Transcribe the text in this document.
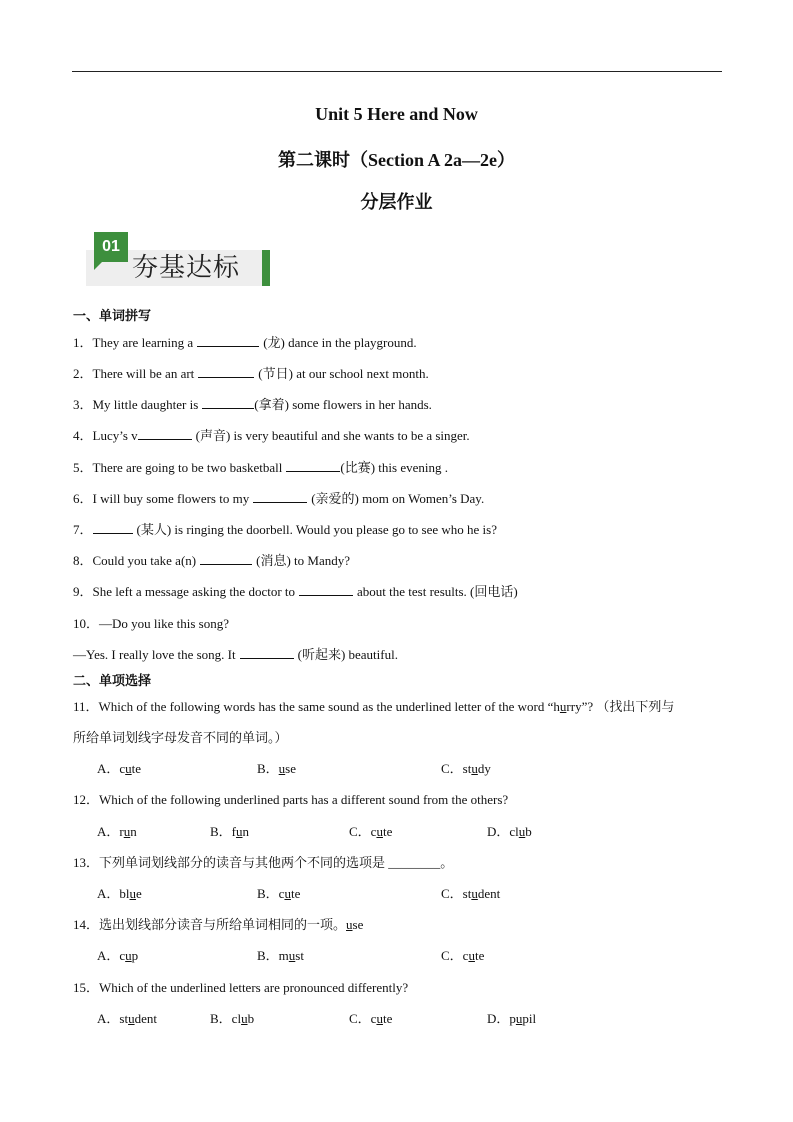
Unit 5 Here and Now
第二课时（Section A 2a—2e）
分层作业
01
夯基达标
一、单词拼写
1．They are learning a	(龙) dance in the playground.
2．There will be an art	(节日) at our school next month.
3．My little daughter is	(拿着) some flowers in her hands.
4．Lucy’s v	(声音) is very beautiful and she wants to be a singer.
5．There are going to be two basketball	(比赛) this evening .
6．I will buy some flowers to my	(亲爱的) mom on Women’s Day.
7．	(某人) is ringing the doorbell. Would you please go to see who he is?
8．Could you take a(n)	(消息) to Mandy?
9．She left a message asking the doctor to	about the test results. (回电话)
10．—Do you like this song?
—Yes. I really love the song. It	(听起来) beautiful.
二、单项选择
11．Which of the following words has the same sound as the underlined letter of the word “hurry”? （找出下列与
所给单词划线字母发音不同的单词。）
A．cute	B．use	C．study
12．Which of the following underlined parts has a different sound from the others?
A．run	B．fun	C．cute	D．club
13．下列单词划线部分的读音与其他两个不同的选项是 ________。
A．blue	B．cute	C．student
14．选出划线部分读音与所给单词相同的一项。use
A．cup	B．must	C．cute
15．Which of the underlined letters are pronounced differently?
A．student	B．club	C．cute	D．pupil
